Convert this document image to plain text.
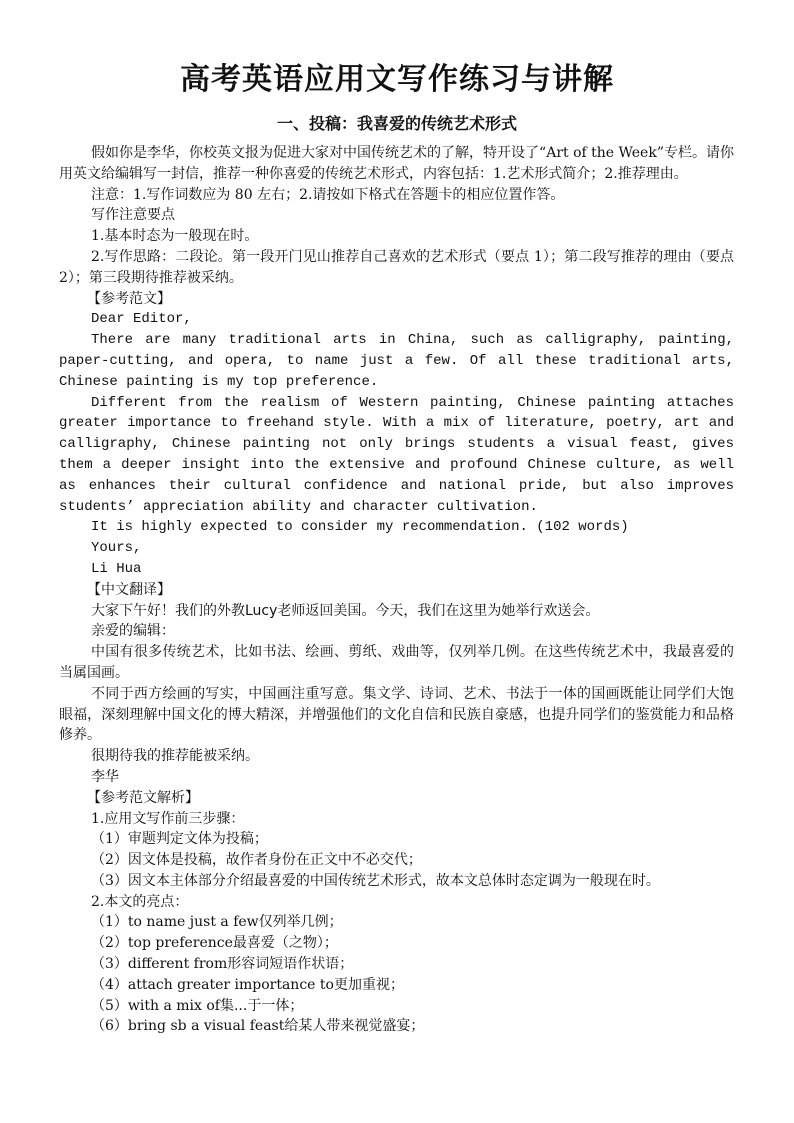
高考英语应用文写作练习与讲解
一、投稿：我喜爱的传统艺术形式

假如你是李华，你校英文报为促进大家对中国传统艺术的了解，特开设了“Art of the Week”专栏。请你用英文给编辑写一封信，推荐一种你喜爱的传统艺术形式，内容包括：1.艺术形式简介；2.推荐理由。

注意：1.写作词数应为 80 左右；2.请按如下格式在答题卡的相应位置作答。

写作注意要点

1.基本时态为一般现在时。

2.写作思路：二段论。第一段开门见山推荐自己喜欢的艺术形式（要点 1）；第二段写推荐的理由（要点 2）；第三段期待推荐被采纳。

【参考范文】

Dear Editor,

There are many traditional arts in China, such as calligraphy, painting, paper-cutting, and opera, to name just a few. Of all these traditional arts, Chinese painting is my top preference.

Different from the realism of Western painting, Chinese painting attaches greater importance to freehand style. With a mix of literature, poetry, art and calligraphy, Chinese painting not only brings students a visual feast, gives them a deeper insight into the extensive and profound Chinese culture, as well as enhances their cultural confidence and national pride, but also improves students’ appreciation ability and character cultivation.

It is highly expected to consider my recommendation. (102 words)

Yours,

Li Hua

【中文翻译】

大家下午好！我们的外教Lucy老师返回美国。今天，我们在这里为她举行欢送会。

亲爱的编辑：

中国有很多传统艺术，比如书法、绘画、剪纸、戏曲等，仅列举几例。在这些传统艺术中，我最喜爱的当属国画。

不同于西方绘画的写实，中国画注重写意。集文学、诗词、艺术、书法于一体的国画既能让同学们大饱眼福，深刻理解中国文化的博大精深，并增强他们的文化自信和民族自豪感，也提升同学们的鉴赏能力和品格修养。

很期待我的推荐能被采纳。

李华

【参考范文解析】

1.应用文写作前三步骤：

（1）审题判定文体为投稿；

（2）因文体是投稿，故作者身份在正文中不必交代；

（3）因文本主体部分介绍最喜爱的中国传统艺术形式，故本文总体时态定调为一般现在时。

2.本文的亮点：

（1）to name just a few仅列举几例；

（2）top preference最喜爱（之物）；

（3）different from形容词短语作状语；

（4）attach greater importance to更加重视；

（5）with a mix of集...于一体；

（6）bring sb a visual feast给某人带来视觉盛宴；
